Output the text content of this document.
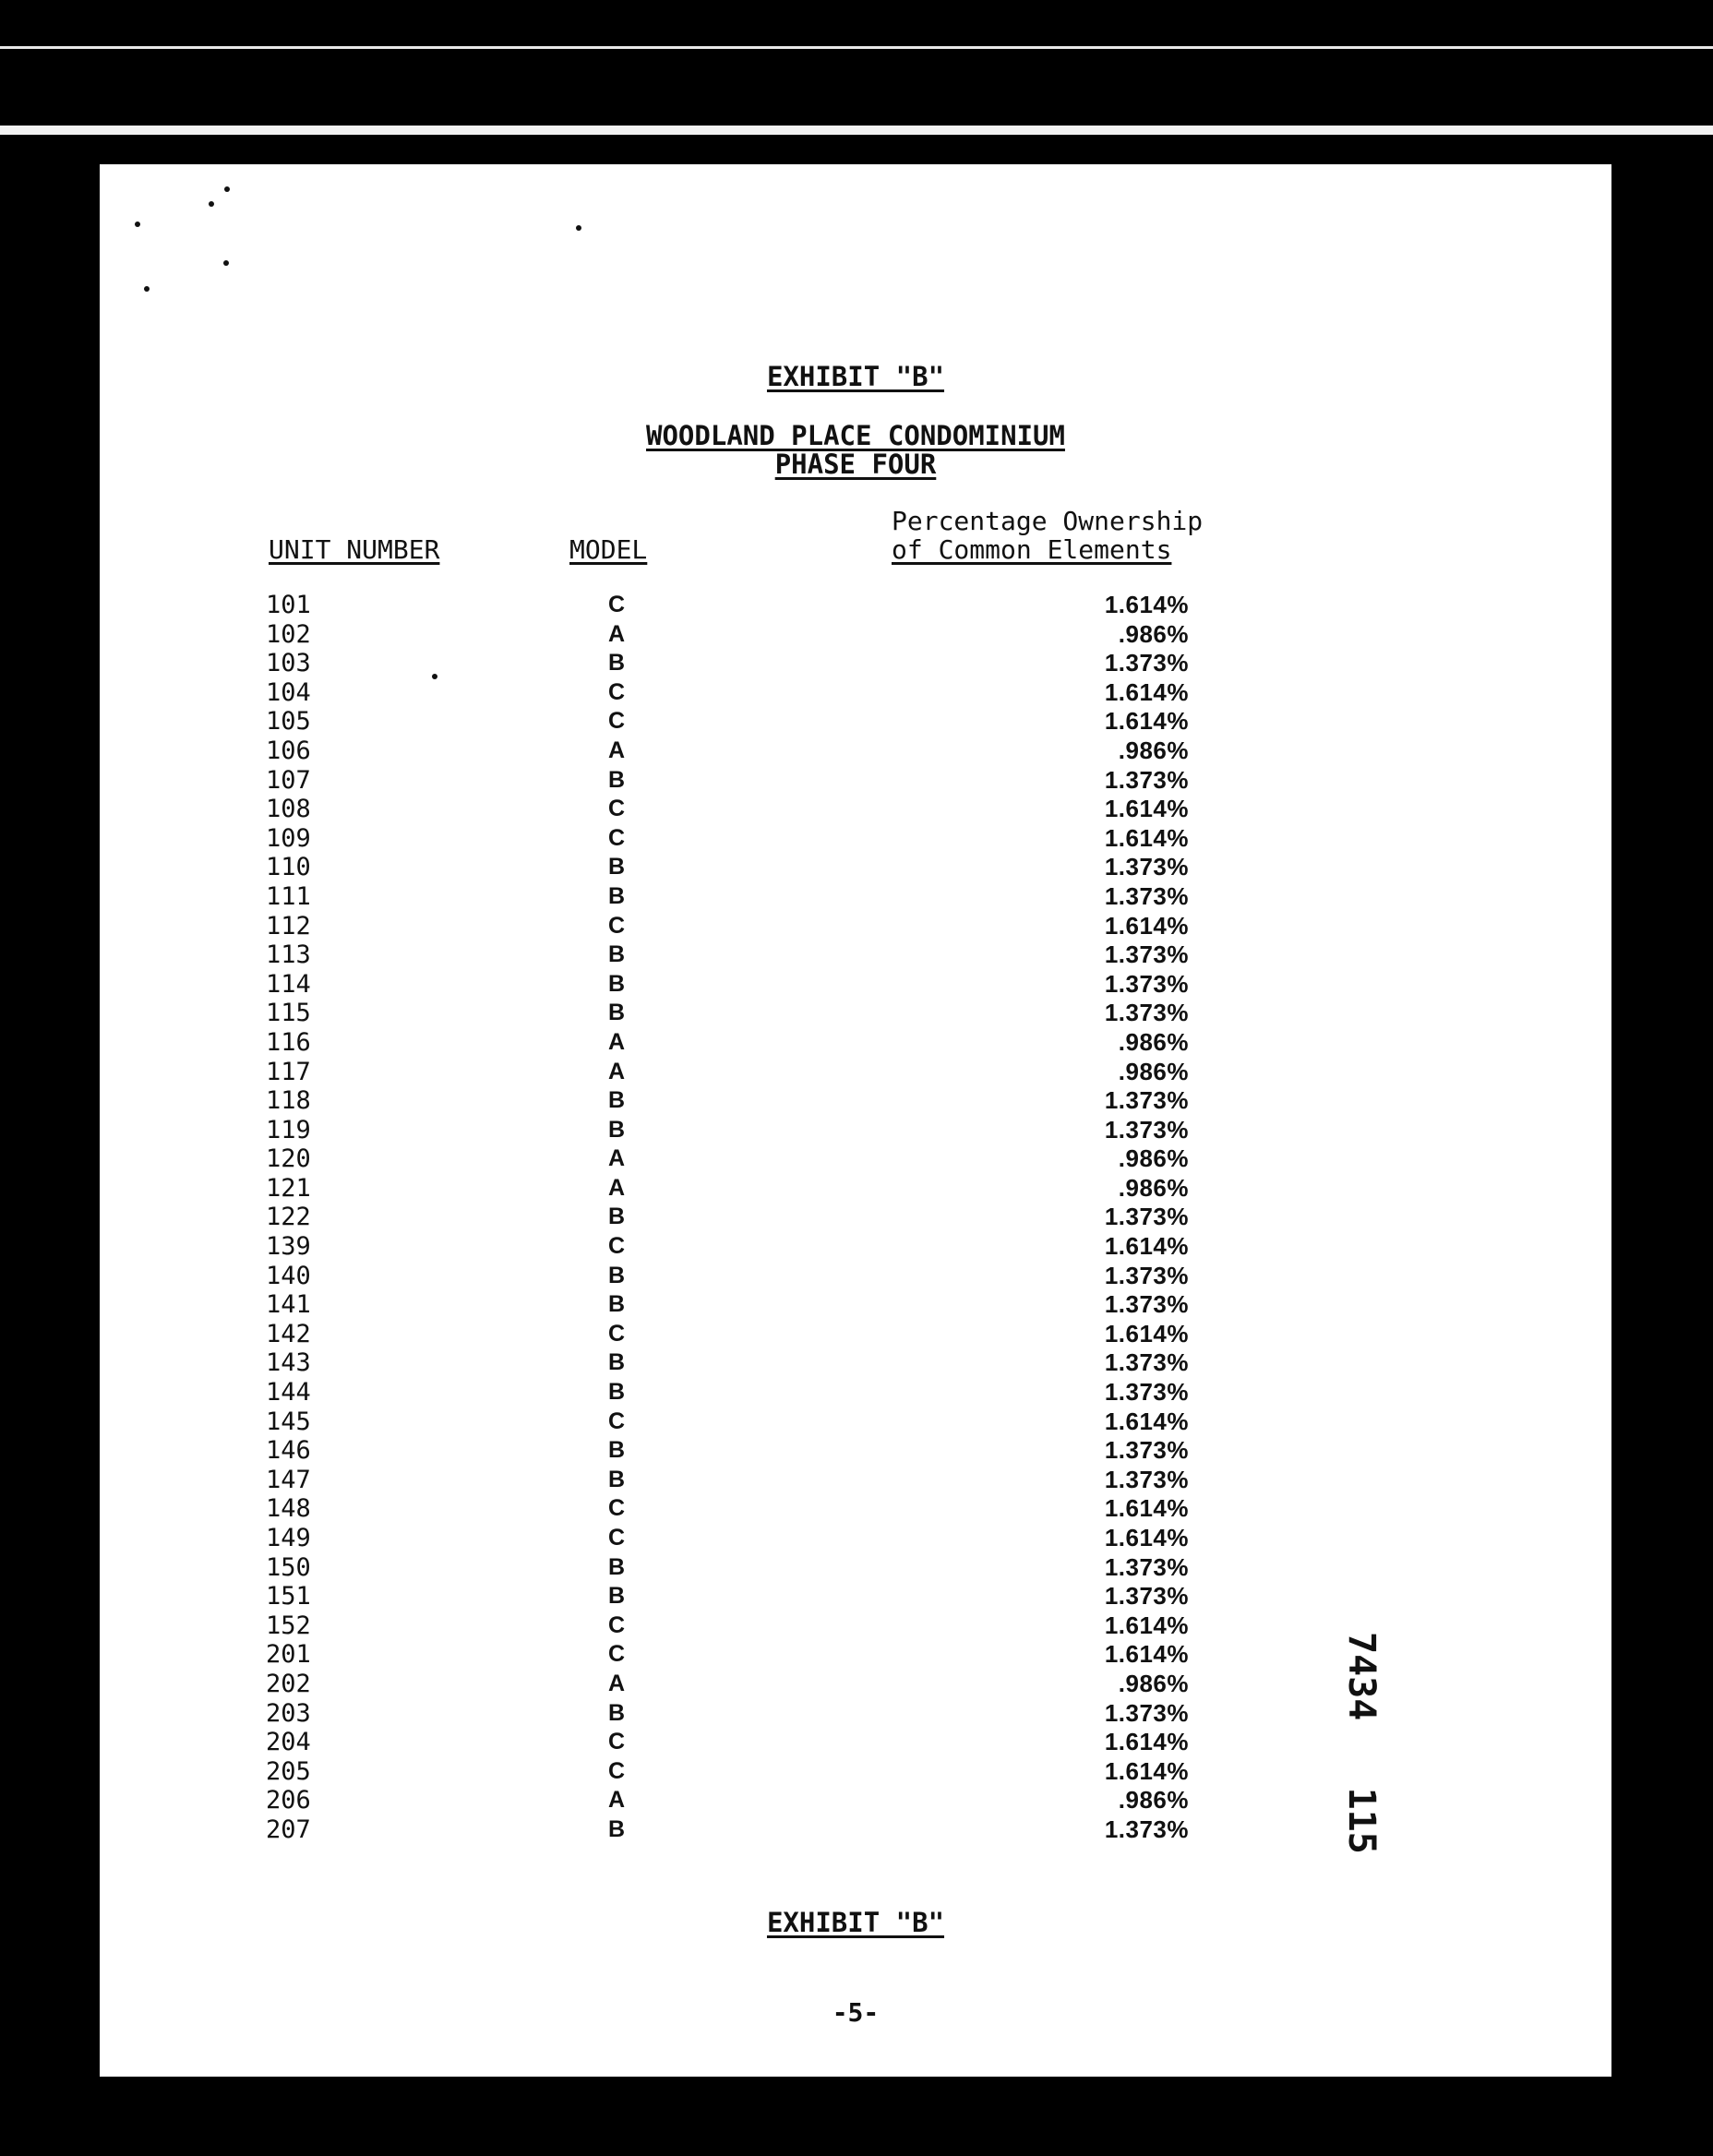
EXHIBIT "B"
WOODLAND PLACE CONDOMINIUM
PHASE FOUR
UNIT NUMBER	MODEL
Percentage Ownership
of Common Elements
101	C	1.614%
102	A	.986%
103	B	1.373%
104	C	1.614%
105	C	1.614%
106	A	.986%
107	B	1.373%
108	C	1.614%
109	C	1.614%
110	B	1.373%
111	B	1.373%
112	C	1.614%
113	B	1.373%
114	B	1.373%
115	B	1.373%
116	A	.986%
117	A	.986%
118	B	1.373%
119	B	1.373%
120	A	.986%
121	A	.986%
122	B	1.373%
139	C	1.614%
140	B	1.373%
141	B	1.373%
142	C	1.614%
143	B	1.373%
144	B	1.373%
145	C	1.614%
146	B	1.373%
147	B	1.373%
148	C	1.614%
149	C	1.614%
150	B	1.373%
151	B	1.373%
152	C	1.614%
201	C	1.614%
202	A	.986%
203	B	1.373%
204	C	1.614%
205	C	1.614%
206	A	.986%
207	B	1.373%	7434   115
EXHIBIT "B"
-5-
